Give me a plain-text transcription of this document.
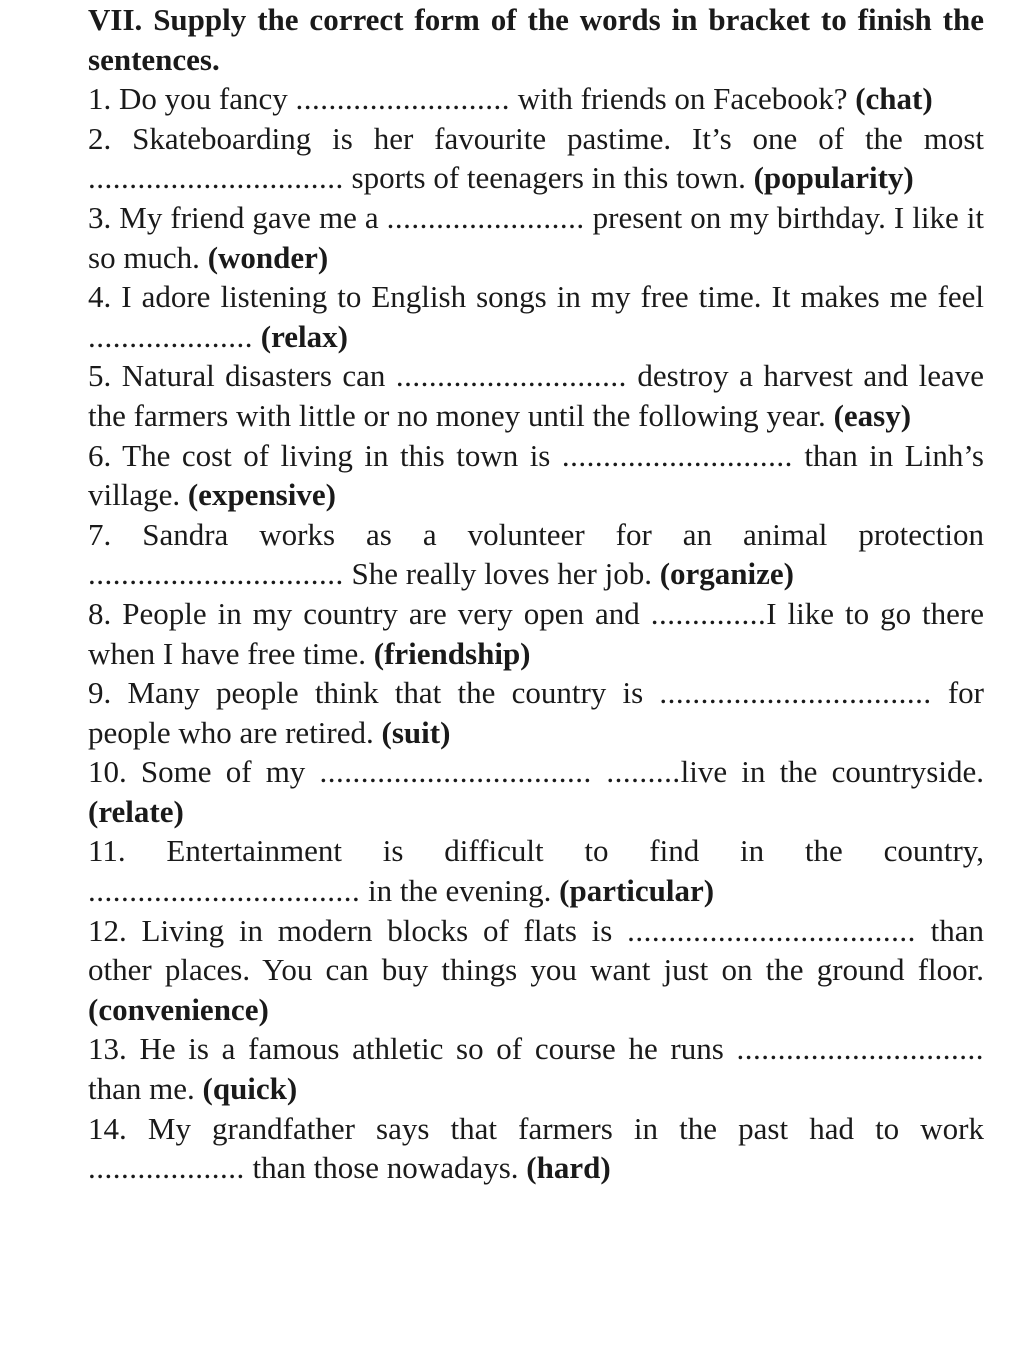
VII. Supply the correct form of the words in bracket to finish the sentences.

1. Do you fancy .......................... with friends on Facebook? (chat)

2. Skateboarding is her favourite pastime. It’s one of the most ............................... sports of teenagers in this town. (popularity)

3. My friend gave me a ........................ present on my birthday. I like it so much. (wonder)

4. I adore listening to English songs in my free time. It makes me feel .................... (relax)

5. Natural disasters can ............................ destroy a harvest and leave the farmers with little or no money until the following year. (easy)

6. The cost of living in this town is ............................ than in Linh’s village. (expensive)

7. Sandra works as a volunteer for an animal protection ............................... She really loves her job. (organize)

8. People in my country are very open and ..............I like to go there when I have free time. (friendship)

9. Many people think that the country is ................................. for people who are retired. (suit)

10. Some of my ................................. .........live in the countryside. (relate)

11. Entertainment is difficult to find in the country, ................................. in the evening. (particular)

12. Living in modern blocks of flats is ................................... than other places. You can buy things you want just on the ground floor. (convenience)

13. He is a famous athletic so of course he runs .............................. than me. (quick)

14. My grandfather says that farmers in the past had to work ................... than those nowadays. (hard)
